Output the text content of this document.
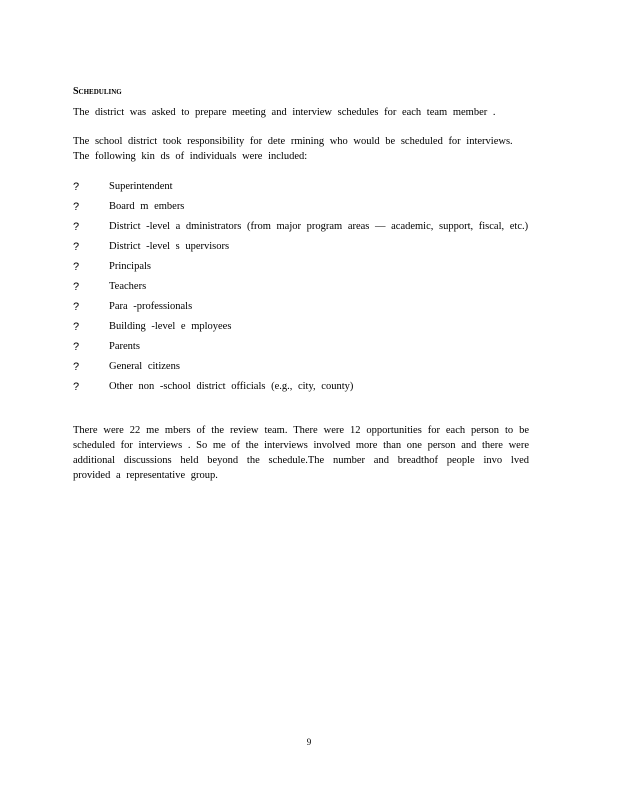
Scheduling
The district was asked to prepare meeting and interview schedules for each team member .
The school district took responsibility for dete rmining who would be scheduled for interviews. The following kin ds of individuals were included:
?	Superintendent
?	Board m embers
?	District -level a dministrators (from major program areas — academic, support, fiscal, etc.)
?	District -level s upervisors
?	Principals
?	Teachers
?	Para -professionals
?	Building -level e mployees
?	Parents
?	General citizens
?	Other non -school district officials (e.g., city, county)
There were 22 me mbers of the review team. There were 12 opportunities for each person to be scheduled for interviews . So me of the interviews involved more than one person and there were additional discussions held beyond the schedule.The number and breadthof people invo lved provided a representative group.
9
